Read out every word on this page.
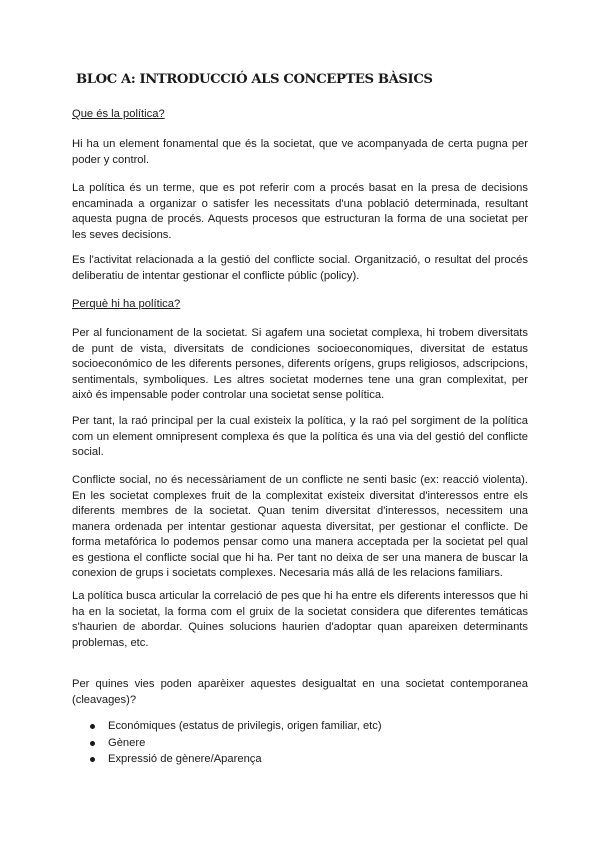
BLOC A: INTRODUCCIÓ ALS CONCEPTES BÀSICS

Que és la política?

Hi ha un element fonamental que és la societat, que ve acompanyada de certa pugna per poder y control.

La política és un terme, que es pot referir com a procés basat en la presa de decisions encaminada a organizar o satisfer les necessitats d'una població determinada, resultant aquesta pugna de procés. Aquests procesos que estructuran la forma de una societat per les seves decisions.

Es l'activitat relacionada a la gestió del conflicte social. Organització, o resultat del procés deliberatiu de intentar gestionar el conflicte públic (policy).

Perquè hi ha política?

Per al funcionament de la societat. Si agafem una societat complexa, hi trobem diversitats de punt de vista, diversitats de condiciones socioeconomiques, diversitat de estatus socioeconómico de les diferents persones, diferents orígens, grups religiosos, adscripcions, sentimentals, symboliques. Les altres societat modernes tene una gran complexitat, per això és impensable poder controlar una societat sense política.

Per tant, la raó principal per la cual existeix la política, y la raó pel sorgiment de la política com un element omnipresent complexa és que la política és una via del gestió del conflicte social.

Conflicte social, no és necessàriament de un conflicte ne senti basic (ex: reacció violenta). En les societat complexes fruit de la complexitat existeix diversitat d'interessos entre els diferents membres de la societat. Quan tenim diversitat d'interessos, necessitem una manera ordenada per intentar gestionar aquesta diversitat, per gestionar el conflicte. De forma metafórica lo podemos pensar como una manera acceptada per la societat pel qual es gestiona el conflicte social que hi ha. Per tant no deixa de ser una manera de buscar la conexion de grups i societats complexes. Necesaria más allá de les relacions familiars.

La política busca articular la correlació de pes que hi ha entre els diferents interessos que hi ha en la societat, la forma com el gruix de la societat considera que diferentes temáticas s'haurien de abordar. Quines solucions haurien d'adoptar quan apareixen determinants problemas, etc.

Per quines vies poden aparèixer aquestes desigualtat en una societat contemporanea (cleavages)?

Económiques (estatus de privilegis, origen familiar, etc)
Gènere
Expressió de gènere/Aparença
